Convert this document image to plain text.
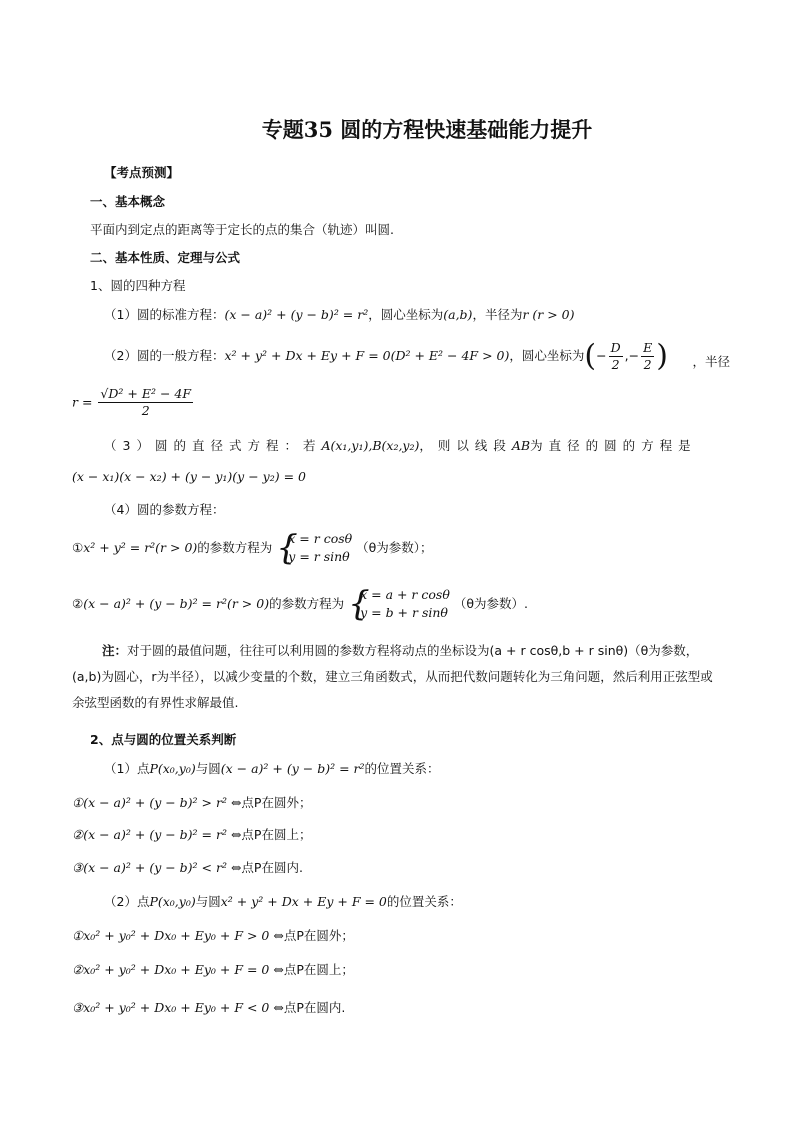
专题35 圆的方程快速基础能力提升
【考点预测】
一、基本概念
平面内到定点的距离等于定长的点的集合（轨迹）叫圆.
二、基本性质、定理与公式
1、圆的四种方程
（1）圆的标准方程：(x − a)² + (y − b)² = r²，圆心坐标为(a,b)，半径为r (r > 0)
（2）圆的一般方程：x² + y² + Dx + Ey + F = 0(D² + E² − 4F > 0)，圆心坐标为(− $\frac{D}{2}$ ,− $\frac{E}{2}$ ) ，半径
$r = \frac{\text{√D² + E² − 4F}}{2}$
（3）圆的直径式方程：若A(x₁,y₁),B(x₂,y₂)，则以线段AB为直径的圆的方程是
(x − x₁)(x − x₂) + (y − y₁)(y − y₂) = 0
（4）圆的参数方程：
①x² + y² = r²(r > 0)的参数方程为 {
x = r cosθ
y = r sinθ
（θ为参数）；
②(x − a)² + (y − b)² = r²(r > 0)的参数方程为 {
x = a + r cosθ
y = b + r sinθ
（θ为参数）.
注：对于圆的最值问题，往往可以利用圆的参数方程将动点的坐标设为(a + r cosθ,b + r sinθ)（θ为参数，(a,b)为圆心，r为半径），以减少变量的个数，建立三角函数式，从而把代数问题转化为三角问题，然后利用正弦型或余弦型函数的有界性求解最值.
2、点与圆的位置关系判断
（1）点P(x₀,y₀)与圆(x − a)² + (y − b)² = r²的位置关系：
①(x − a)² + (y − b)² > r² ⇔点P在圆外；
②(x − a)² + (y − b)² = r² ⇔点P在圆上；
③(x − a)² + (y − b)² < r² ⇔点P在圆内.
（2）点P(x₀,y₀)与圆x² + y² + Dx + Ey + F = 0的位置关系：
①x₀² + y₀² + Dx₀ + Ey₀ + F > 0 ⇔点P在圆外；
②x₀² + y₀² + Dx₀ + Ey₀ + F = 0 ⇔点P在圆上；
③x₀² + y₀² + Dx₀ + Ey₀ + F < 0 ⇔点P在圆内.
